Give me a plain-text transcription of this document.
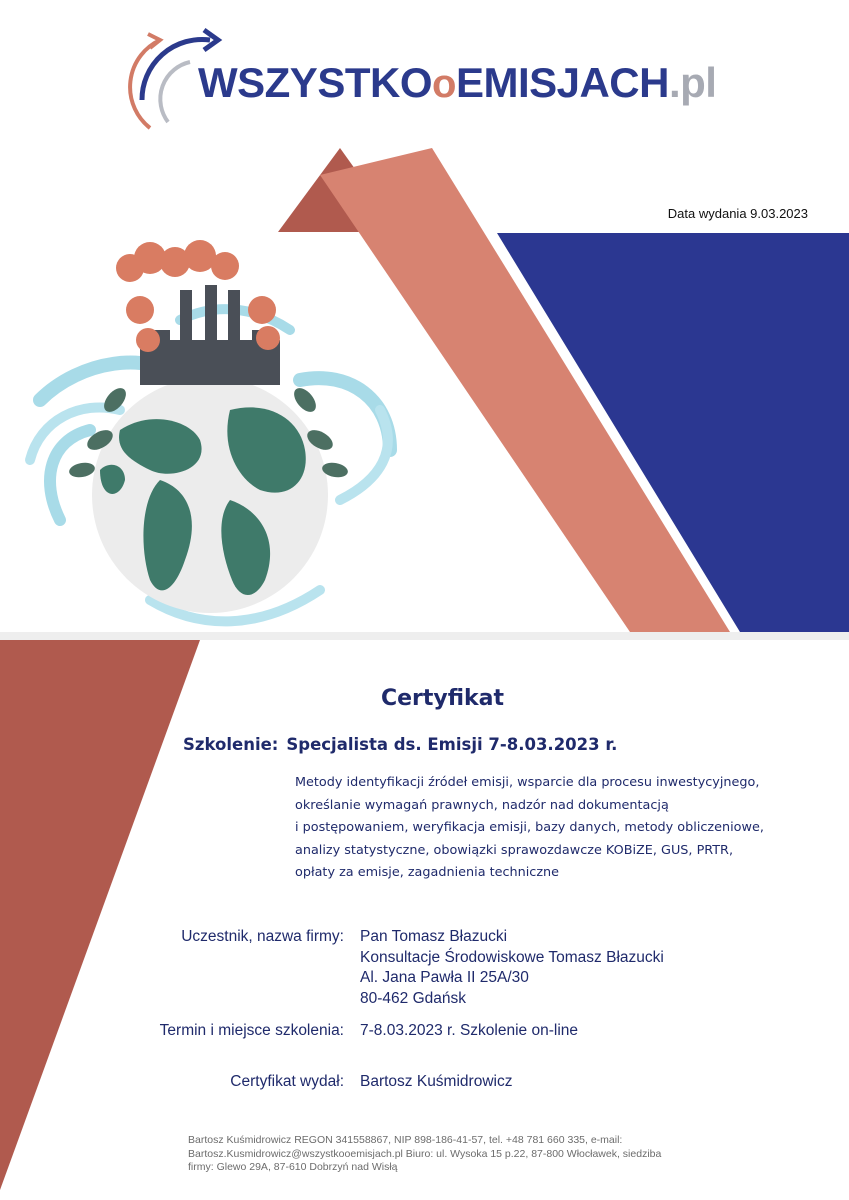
WSZYSTKOoEMISJACH.pl
Data wydania 9.03.2023
Certyfikat
Szkolenie: Specjalista ds. Emisji 7-8.03.2023 r.
Metody identyfikacji źródeł emisji, wsparcie dla procesu inwestycyjnego,
określanie wymagań prawnych, nadzór nad dokumentacją
i postępowaniem, weryfikacja emisji, bazy danych, metody obliczeniowe,
analizy statystyczne, obowiązki sprawozdawcze KOBiZE, GUS, PRTR,
opłaty za emisje, zagadnienia techniczne
Uczestnik, nazwa firmy: Pan Tomasz Błazucki
Konsultacje Środowiskowe Tomasz Błazucki
Al. Jana Pawła II 25A/30
80-462 Gdańsk
Termin i miejsce szkolenia: 7-8.03.2023 r. Szkolenie on-line
Certyfikat wydał: Bartosz Kuśmidrowicz
Bartosz Kuśmidrowicz REGON 341558867, NIP 898-186-41-57, tel. +48 781 660 335, e-mail:
Bartosz.Kusmidrowicz@wszystkooemisjach.pl Biuro: ul. Wysoka 15 p.22, 87-800 Włocławek, siedziba
firmy: Glewo 29A, 87-610 Dobrzyń nad Wisłą
